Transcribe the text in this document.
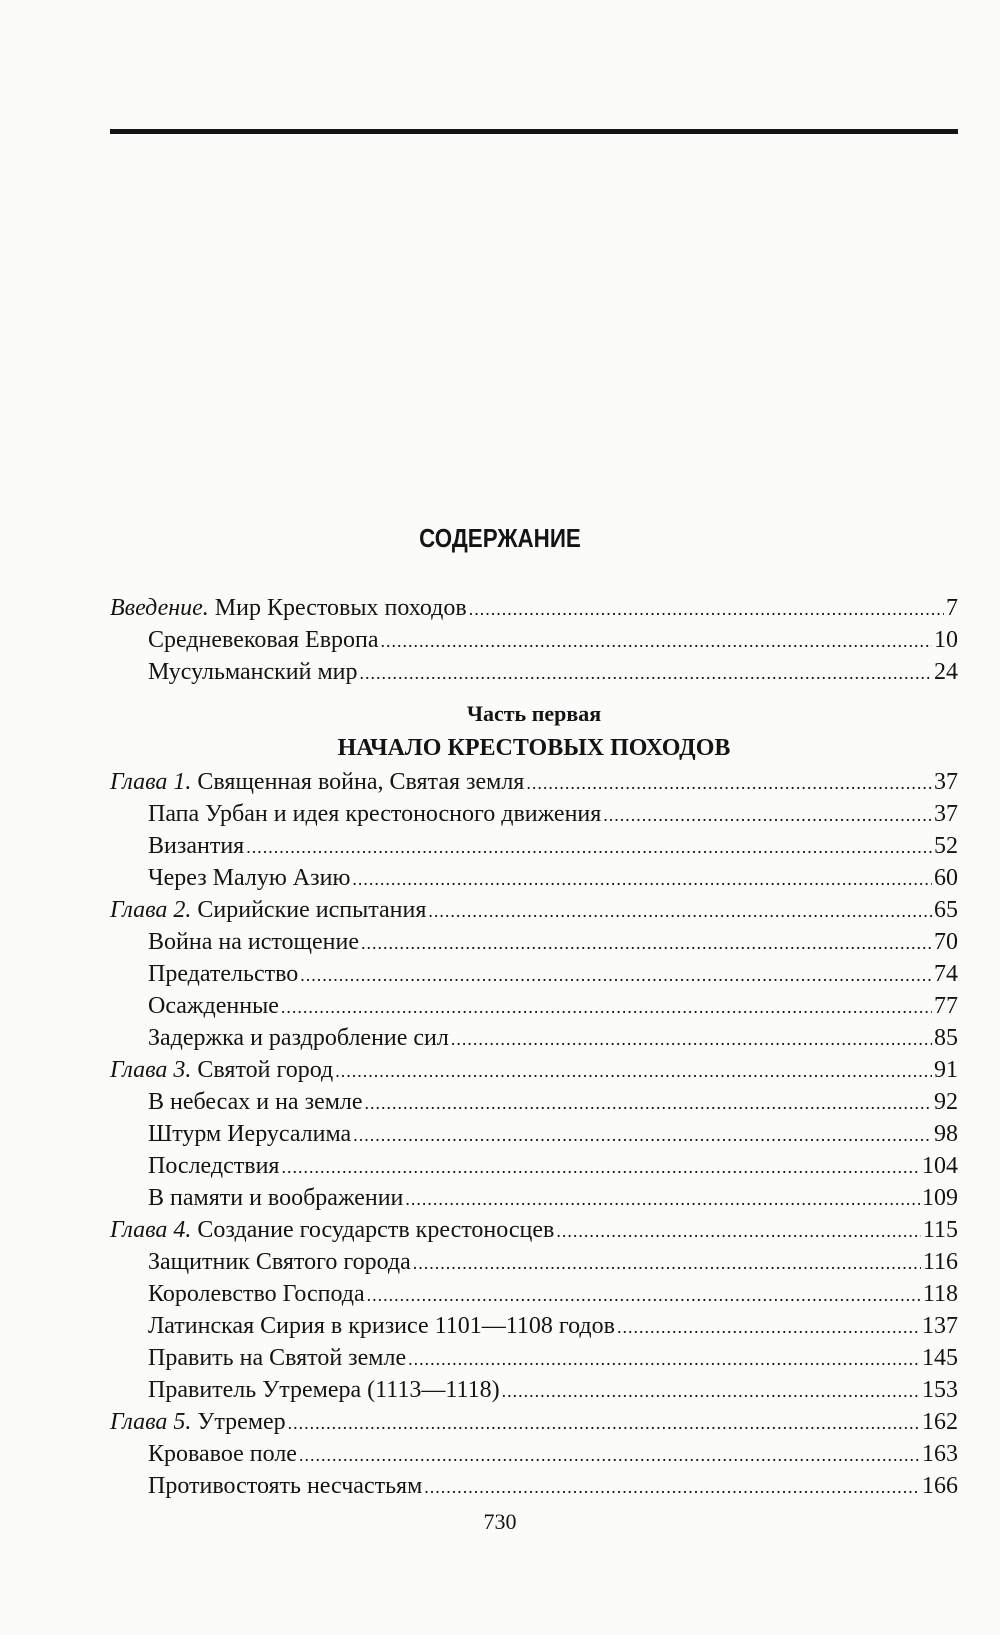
СОДЕРЖАНИЕ
Введение. Мир Крестовых походов .....	7
Средневековая Европа .....	10
Мусульманский мир .....	24
Часть первая
НАЧАЛО КРЕСТОВЫХ ПОХОДОВ
Глава 1. Священная война, Святая земля .....	37
Папа Урбан и идея крестоносного движения .....	37
Византия .....	52
Через Малую Азию .....	60
Глава 2. Сирийские испытания .....	65
Война на истощение .....	70
Предательство .....	74
Осажденные .....	77
Задержка и раздробление сил .....	85
Глава 3. Святой город .....	91
В небесах и на земле .....	92
Штурм Иерусалима .....	98
Последствия .....	104
В памяти и воображении .....	109
Глава 4. Создание государств крестоносцев .....	115
Защитник Святого города .....	116
Королевство Господа .....	118
Латинская Сирия в кризисе 1101—1108 годов .....	137
Править на Святой земле .....	145
Правитель Утремера (1113—1118) .....	153
Глава 5. Утремер .....	162
Кровавое поле .....	163
Противостоять несчастьям .....	166
730
